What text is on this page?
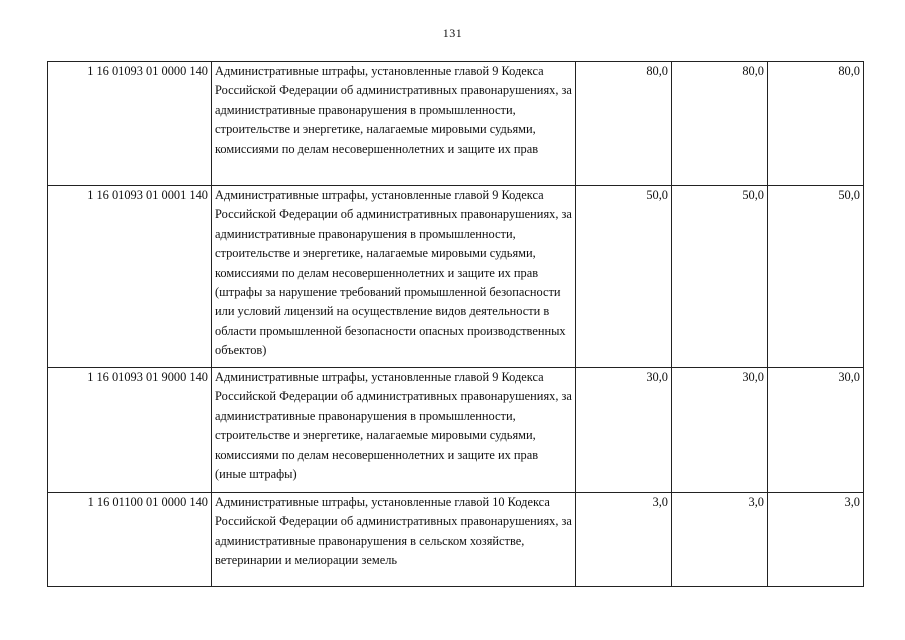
131
1 16 01093 01 0000 140	Административные штрафы, установленные главой 9 Кодекса Российской Федерации об административных правонарушениях, за административные правонарушения в промышленности, строительстве и энергетике, налагаемые мировыми судьями, комиссиями по делам несовершеннолетних и защите их прав	80,0	80,0	80,0
1 16 01093 01 0001 140	Административные штрафы, установленные главой 9 Кодекса Российской Федерации об административных правонарушениях, за административные правонарушения в промышленности, строительстве и энергетике, налагаемые мировыми судьями, комиссиями по делам несовершеннолетних и защите их прав (штрафы за нарушение требований промышленной безопасности или условий лицензий на осуществление видов деятельности в области промышленной безопасности опасных производственных объектов)	50,0	50,0	50,0
1 16 01093 01 9000 140	Административные штрафы, установленные главой 9 Кодекса Российской Федерации об административных правонарушениях, за административные правонарушения в промышленности, строительстве и энергетике, налагаемые мировыми судьями, комиссиями по делам несовершеннолетних и защите их прав (иные штрафы)	30,0	30,0	30,0
1 16 01100 01 0000 140	Административные штрафы, установленные главой 10 Кодекса Российской Федерации об административных правонарушениях, за административные правонарушения в сельском хозяйстве, ветеринарии и мелиорации земель	3,0	3,0	3,0
